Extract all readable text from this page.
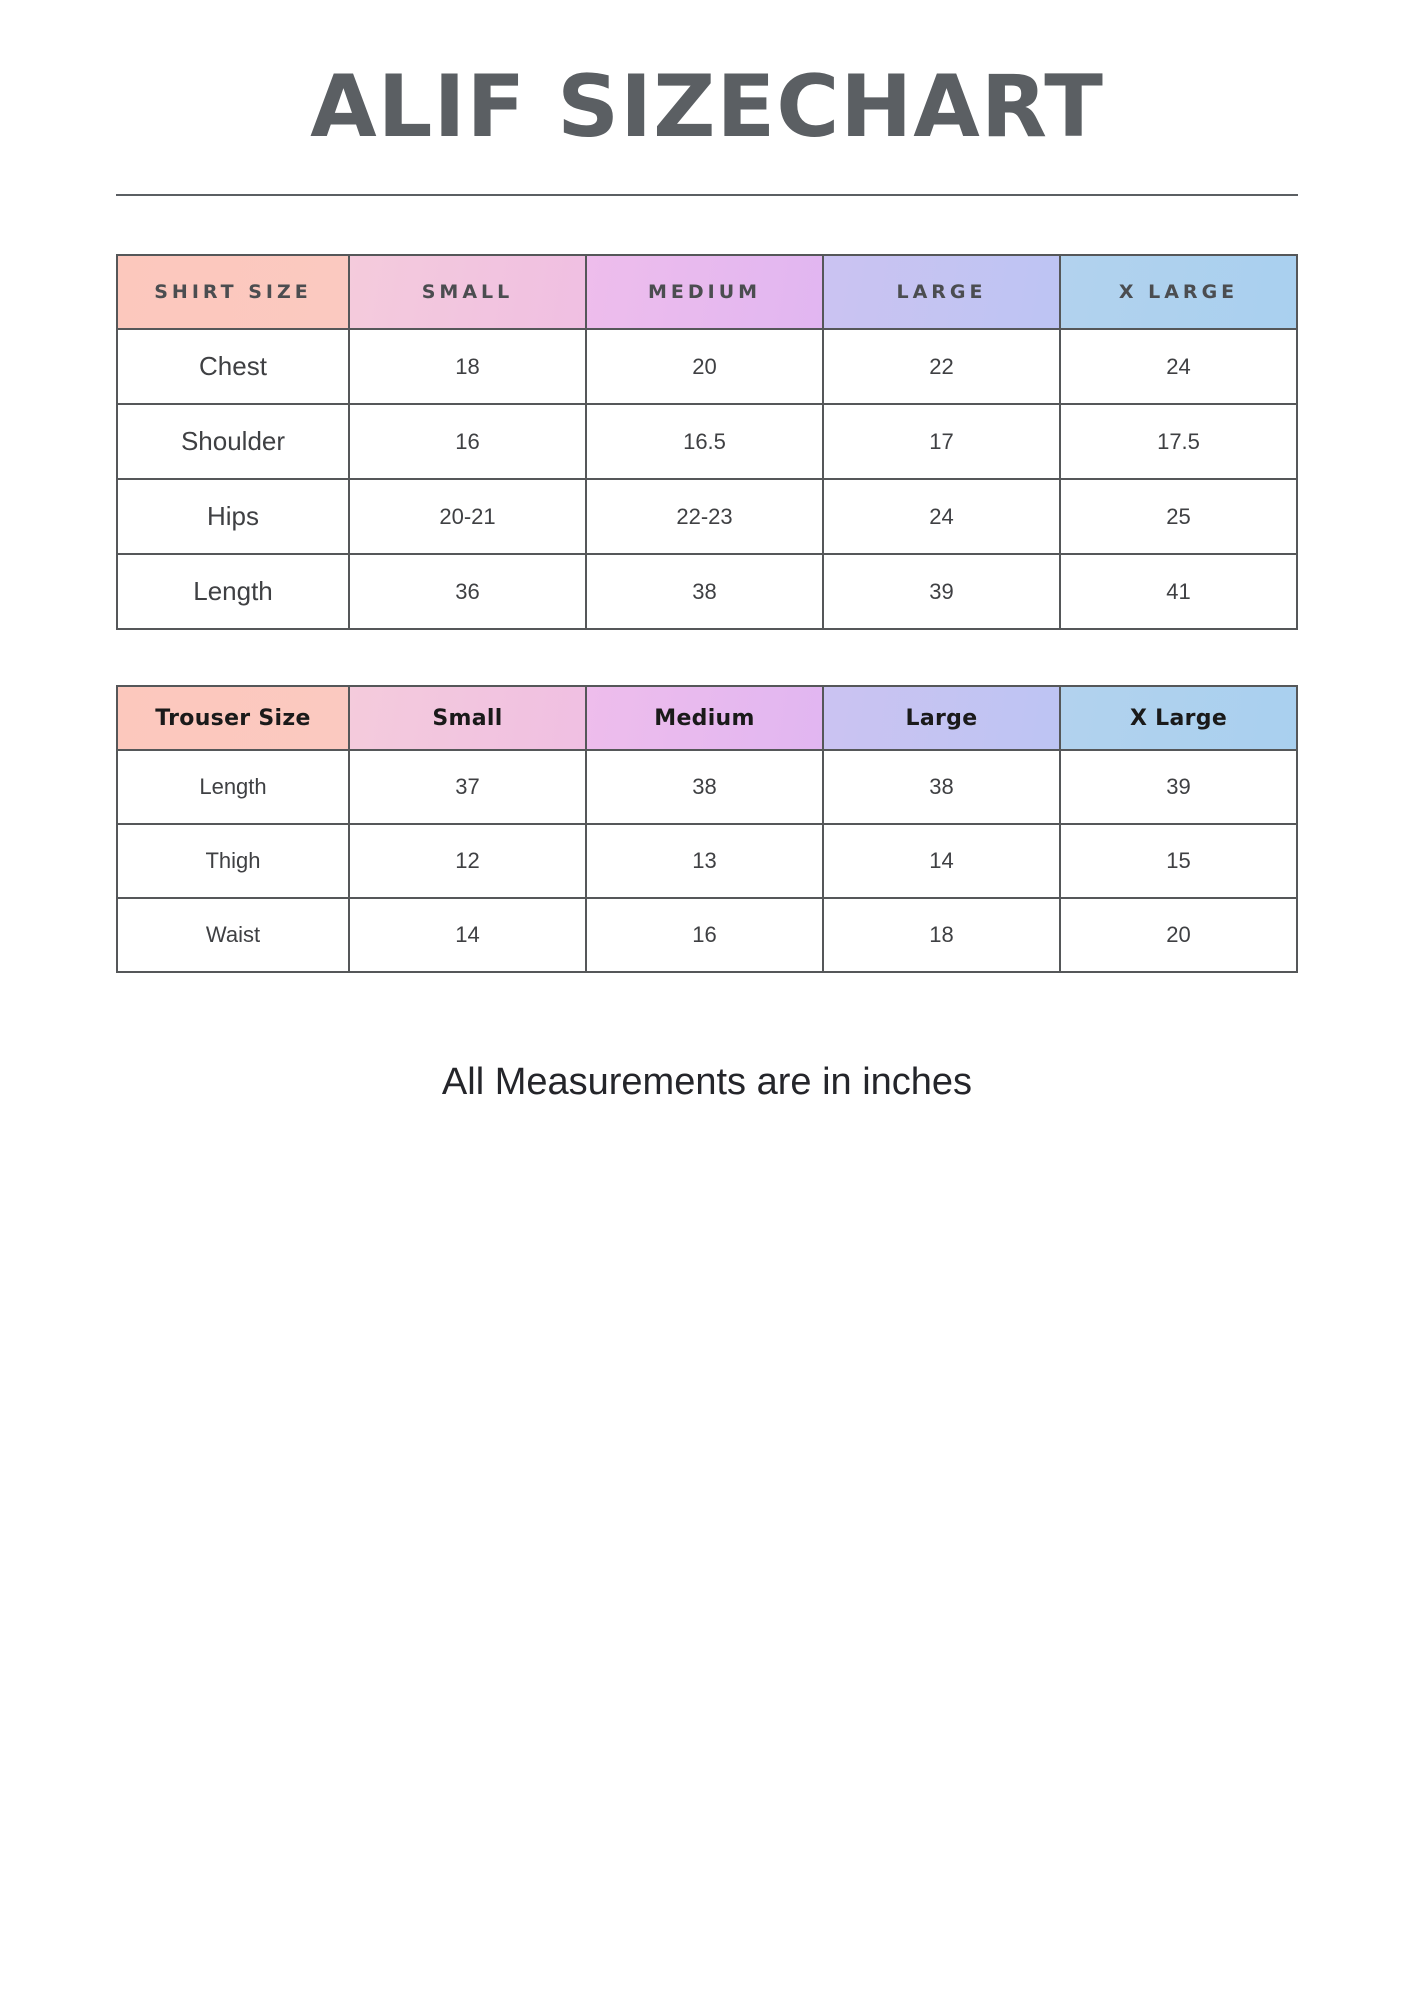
ALIF SIZECHART
SHIRT SIZE	SMALL	MEDIUM	LARGE	X LARGE
Chest	18	20	22	24
Shoulder	16	16.5	17	17.5
Hips	20-21	22-23	24	25
Length	36	38	39	41
Trouser Size	Small	Medium	Large	X Large
Length	37	38	38	39
Thigh	12	13	14	15
Waist	14	16	18	20
All Measurements are in inches
